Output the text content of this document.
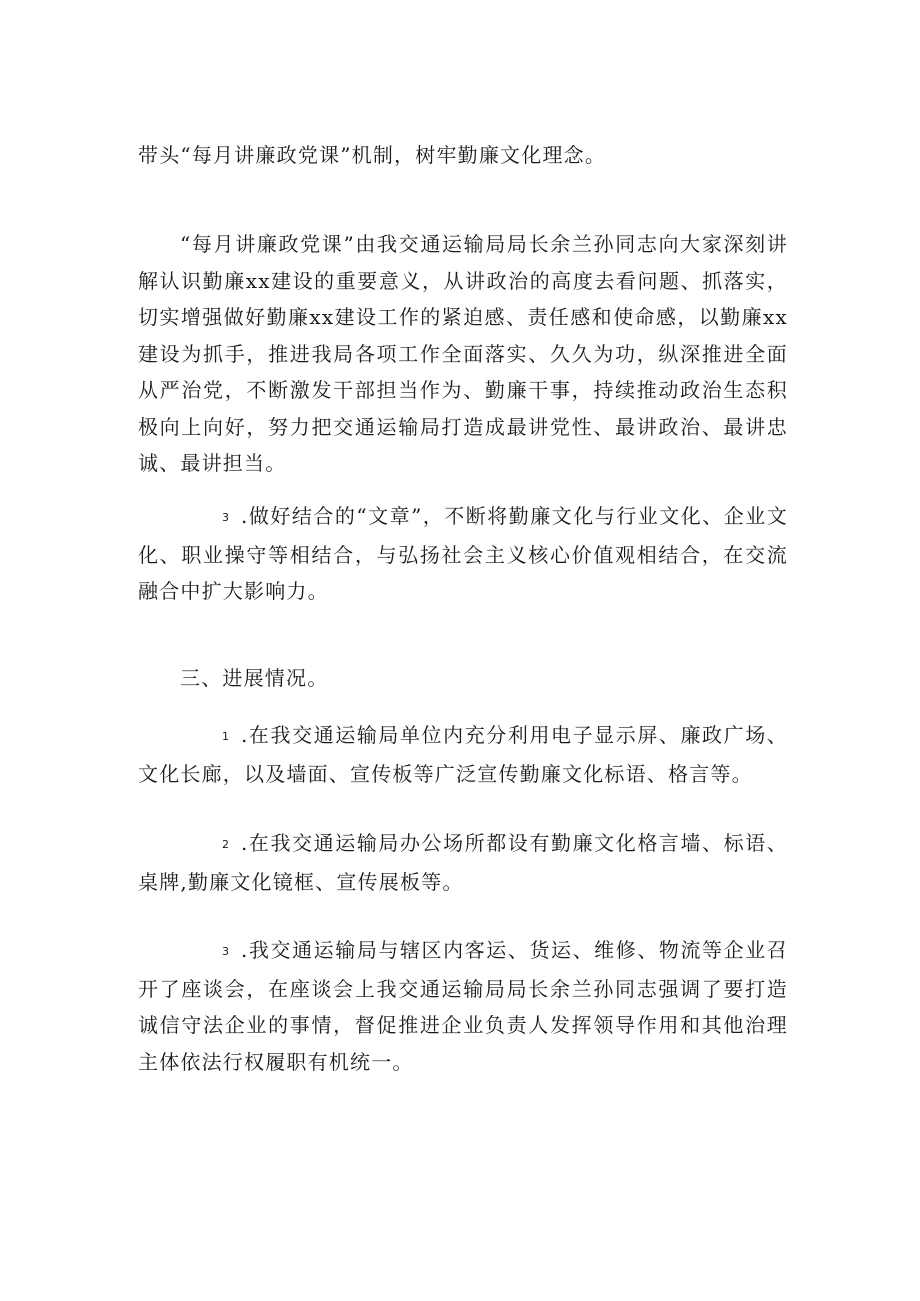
带头“每月讲廉政党课”机制，树牢勤廉文化理念。

“每月讲廉政党课”由我交通运输局局长余兰孙同志向大家深刻讲解认识勤廉xx建设的重要意义，从讲政治的高度去看问题、抓落实，切实增强做好勤廉xx建设工作的紧迫感、责任感和使命感，以勤廉xx建设为抓手，推进我局各项工作全面落实、久久为功，纵深推进全面从严治党，不断激发干部担当作为、勤廉干事，持续推动政治生态积极向上向好，努力把交通运输局打造成最讲党性、最讲政治、最讲忠诚、最讲担当。

3 .做好结合的“文章”，不断将勤廉文化与行业文化、企业文化、职业操守等相结合，与弘扬社会主义核心价值观相结合，在交流融合中扩大影响力。

三、进展情况。

1 .在我交通运输局单位内充分利用电子显示屏、廉政广场、文化长廊，以及墙面、宣传板等广泛宣传勤廉文化标语、格言等。

2 .在我交通运输局办公场所都设有勤廉文化格言墙、标语、桌牌,勤廉文化镜框、宣传展板等。

3 .我交通运输局与辖区内客运、货运、维修、物流等企业召开了座谈会，在座谈会上我交通运输局局长余兰孙同志强调了要打造诚信守法企业的事情，督促推进企业负责人发挥领导作用和其他治理主体依法行权履职有机统一。
